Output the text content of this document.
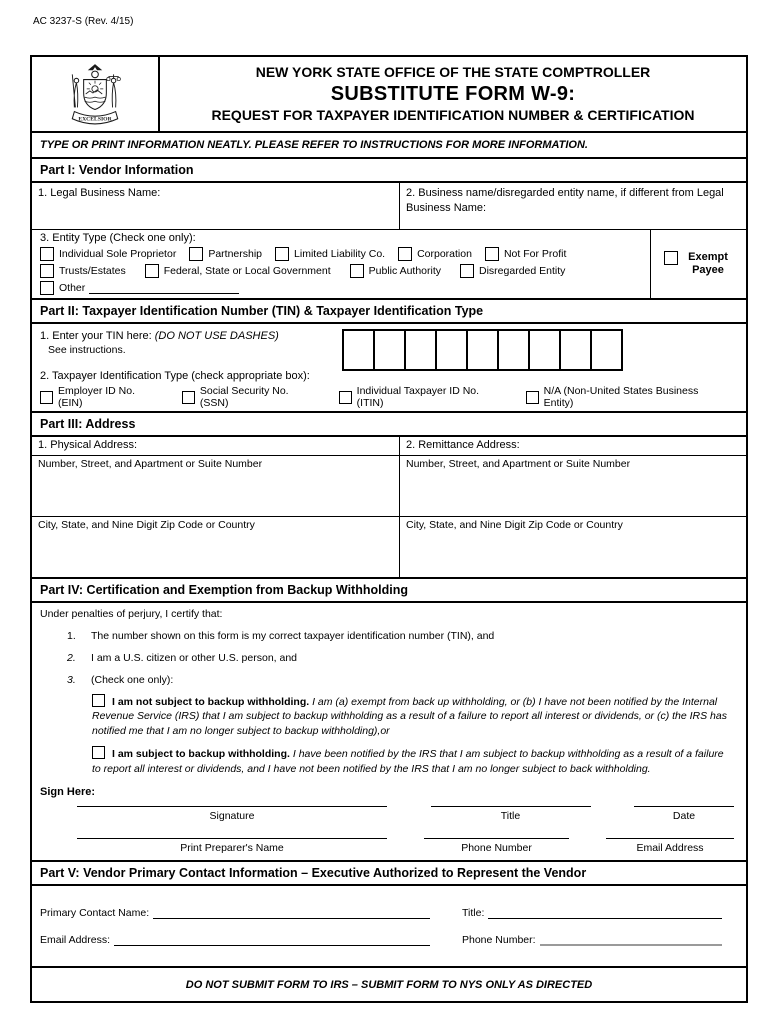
AC 3237-S (Rev. 4/15)
EXCELSIOR
NEW YORK STATE OFFICE OF THE STATE COMPTROLLER
SUBSTITUTE FORM W-9:
REQUEST FOR TAXPAYER IDENTIFICATION NUMBER & CERTIFICATION
TYPE OR PRINT INFORMATION NEATLY. PLEASE REFER TO INSTRUCTIONS FOR MORE INFORMATION.
Part I: Vendor Information
1. Legal Business Name:	2. Business name/disregarded entity name, if different from Legal Business Name:
3. Entity Type (Check one only):
Individual Sole Proprietor	Partnership	Limited Liability Co.	Corporation	Not For Profit
Trusts/Estates	Federal, State or Local Government	Public Authority	Disregarded Entity
Other
Exempt Payee
Part II: Taxpayer Identification Number (TIN) & Taxpayer Identification Type
1. Enter your TIN here: (DO NOT USE DASHES)
See instructions.
2. Taxpayer Identification Type (check appropriate box):
Employer ID No. (EIN)
Social Security No. (SSN)
Individual Taxpayer ID No. (ITIN)
N/A (Non-United States Business Entity)
Part III: Address
1. Physical Address:	2. Remittance Address:
Number, Street, and Apartment or Suite Number	Number, Street, and Apartment or Suite Number
City, State, and Nine Digit Zip Code or Country	City, State, and Nine Digit Zip Code or Country
Part IV: Certification and Exemption from Backup Withholding
Under penalties of perjury, I certify that:
1.	The number shown on this form is my correct taxpayer identification number (TIN), and
2.	I am a U.S. citizen or other U.S. person, and
3.	(Check one only):
I am not subject to backup withholding. I am (a) exempt from back up withholding, or (b) I have not been notified by the Internal Revenue Service (IRS) that I am subject to backup withholding as a result of a failure to report all interest or dividends, or (c) the IRS has notified me that I am no longer subject to backup withholding),or
I am subject to backup withholding. I have been notified by the IRS that I am subject to backup withholding as a result of a failure to report all interest or dividends, and I have not been notified by the IRS that I am no longer subject to back withholding.
Sign Here:
Signature	Title	Date
Print Preparer's Name	Phone Number	Email Address
Part V: Vendor Primary Contact Information – Executive Authorized to Represent the Vendor
Primary Contact Name:	Title:
Email Address:	Phone Number:
DO NOT SUBMIT FORM TO IRS – SUBMIT FORM TO NYS ONLY AS DIRECTED
